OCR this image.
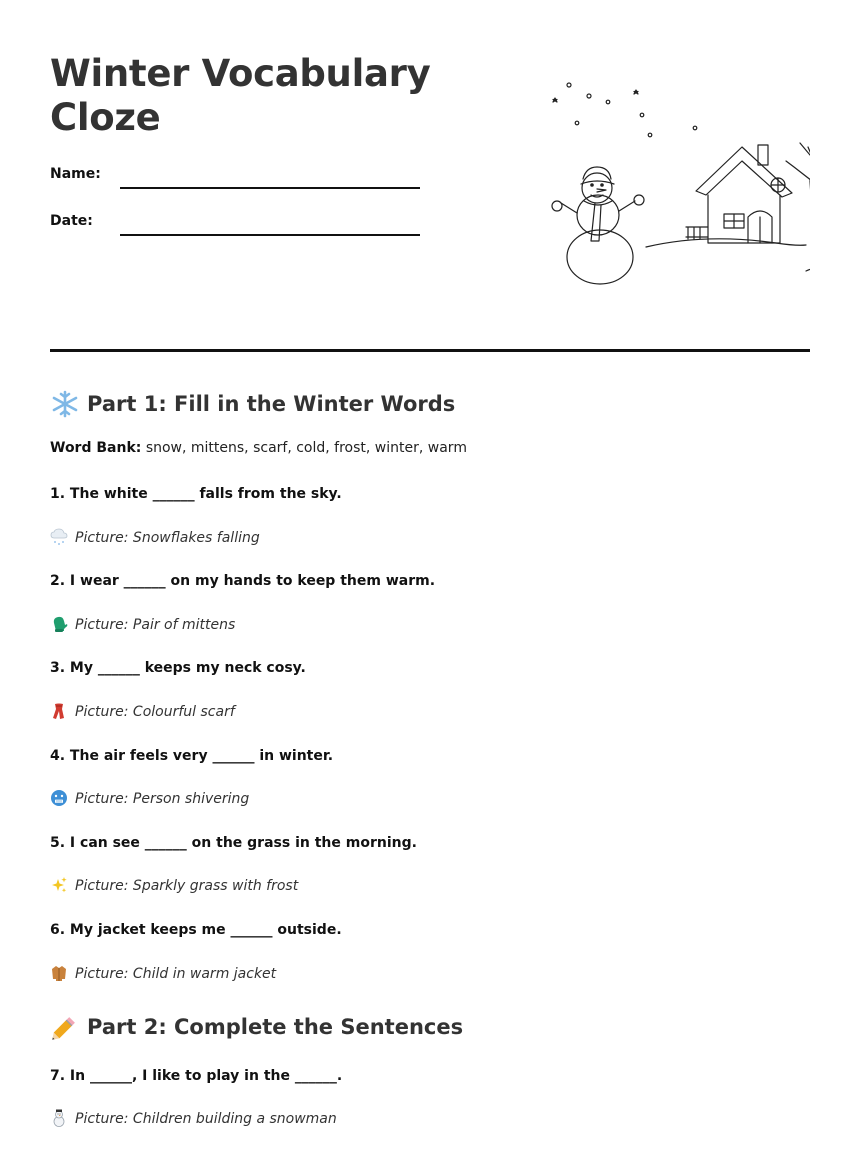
Winter Vocabulary Cloze
Name:
Date:
Part 1: Fill in the Winter Words
Word Bank: snow, mittens, scarf, cold, frost, winter, warm
1. The white ______ falls from the sky.
Picture: Snowflakes falling
2. I wear ______ on my hands to keep them warm.
Picture: Pair of mittens
3. My ______ keeps my neck cosy.
Picture: Colourful scarf
4. The air feels very ______ in winter.
Picture: Person shivering
5. I can see ______ on the grass in the morning.
Picture: Sparkly grass with frost
6. My jacket keeps me ______ outside.
Picture: Child in warm jacket
Part 2: Complete the Sentences
7. In ______, I like to play in the ______.
Picture: Children building a snowman
